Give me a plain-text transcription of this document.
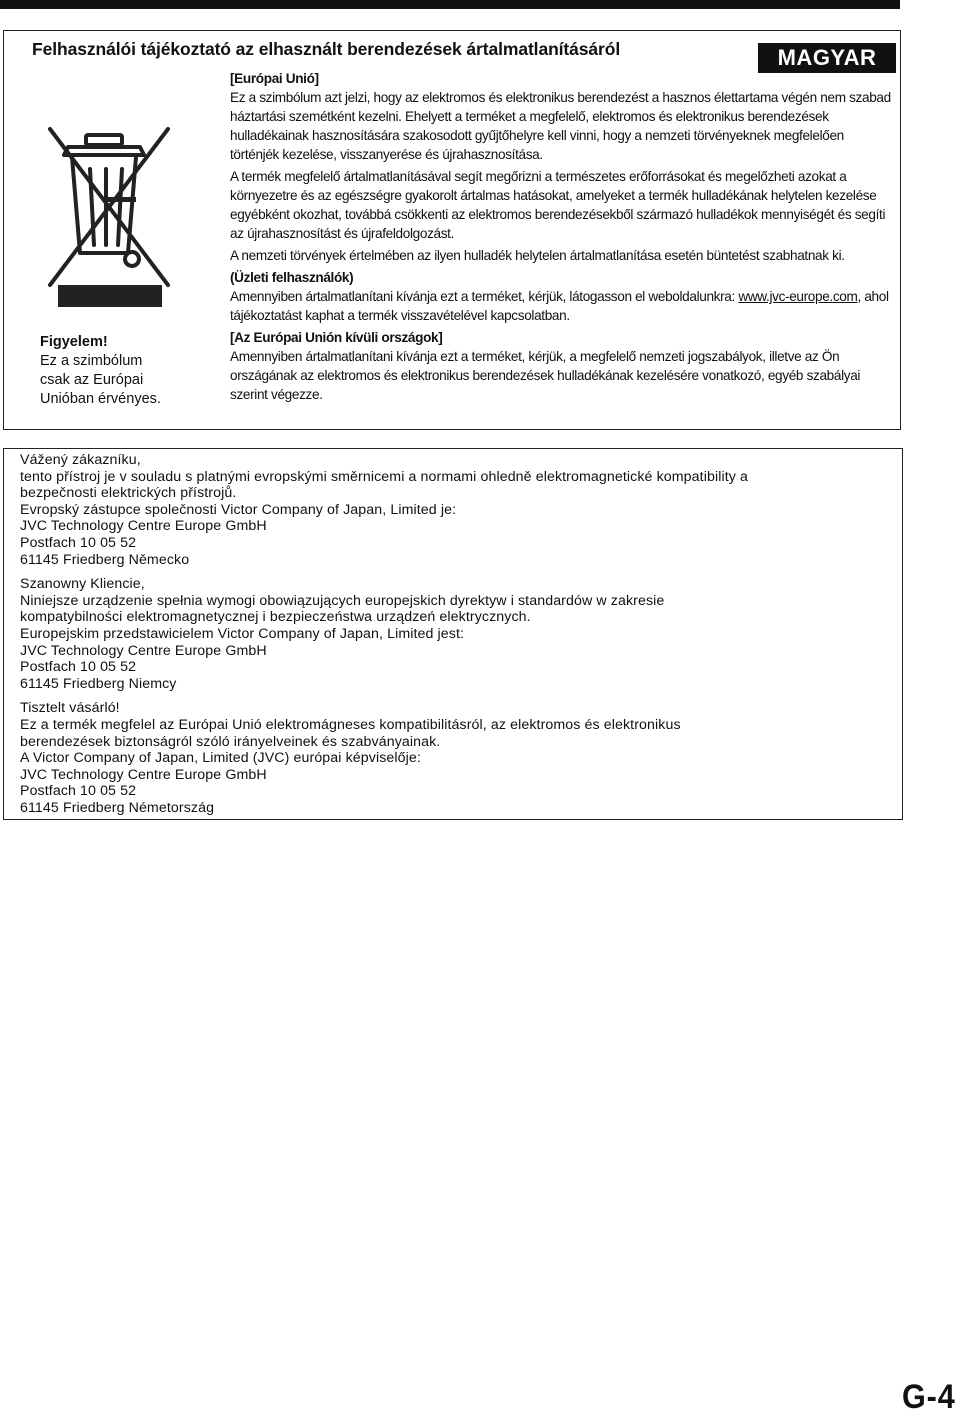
Felhasználói tájékoztató az elhasznált berendezések ártalmatlanításáról	MAGYAR
Figyelem!
Ez a szimbólum
csak az Európai
Unióban érvényes.

[Európai Unió]

Ez a szimbólum azt jelzi, hogy az elektromos és elektronikus berendezést a hasznos élettartama végén nem szabad háztartási szemétként kezelni. Ehelyett a terméket a megfelelő, elektromos és elektronikus berendezések hulladékainak hasznosítására szakosodott gyűjtőhelyre kell vinni, hogy a nemzeti törvényeknek megfelelően történjék kezelése, visszanyerése és újrahasznosítása.

A termék megfelelő ártalmatlanításával segít megőrizni a természetes erőforrásokat és megelőzheti azokat a környezetre és az egészségre gyakorolt ártalmas hatásokat, amelyeket a termék hulladékának helytelen kezelése egyébként okozhat, továbbá csökkenti az elektromos berendezésekből származó hulladékok mennyiségét és segíti az újrahasznosítást és újrafeldolgozást.

A nemzeti törvények értelmében az ilyen hulladék helytelen ártalmatlanítása esetén büntetést szabhatnak ki.

(Üzleti felhasználók)

Amennyiben ártalmatlanítani kívánja ezt a terméket, kérjük, látogasson el weboldalunkra: www.jvc-europe.com, ahol tájékoztatást kaphat a termék visszavételével kapcsolatban.

[Az Európai Unión kívüli országok]

Amennyiben ártalmatlanítani kívánja ezt a terméket, kérjük, a megfelelő nemzeti jogszabályok, illetve az Ön országának az elektromos és elektronikus berendezések hulladékának kezelésére vonatkozó, egyéb szabályai szerint végezze.

Vážený zákazníku,
tento přístroj je v souladu s platnými evropskými směrnicemi a normami ohledně elektromagnetické kompatibility a
bezpečnosti elektrických přístrojů.
Evropský zástupce společnosti Victor Company of Japan, Limited je:
JVC Technology Centre Europe GmbH
Postfach 10 05 52
61145 Friedberg Německo
Szanowny Kliencie,
Niniejsze urządzenie spełnia wymogi obowiązujących europejskich dyrektyw i standardów w zakresie
kompatybilności elektromagnetycznej i bezpieczeństwa urządzeń elektrycznych.
Europejskim przedstawicielem Victor Company of Japan, Limited jest:
JVC Technology Centre Europe GmbH
Postfach 10 05 52
61145 Friedberg Niemcy
Tisztelt vásárló!
Ez a termék megfelel az Európai Unió elektromágneses kompatibilitásról, az elektromos és elektronikus
berendezések biztonságról szóló irányelveinek és szabványainak.
A Victor Company of Japan, Limited (JVC) európai képviselője:
JVC Technology Centre Europe GmbH
Postfach 10 05 52
61145 Friedberg Németország
G-4
